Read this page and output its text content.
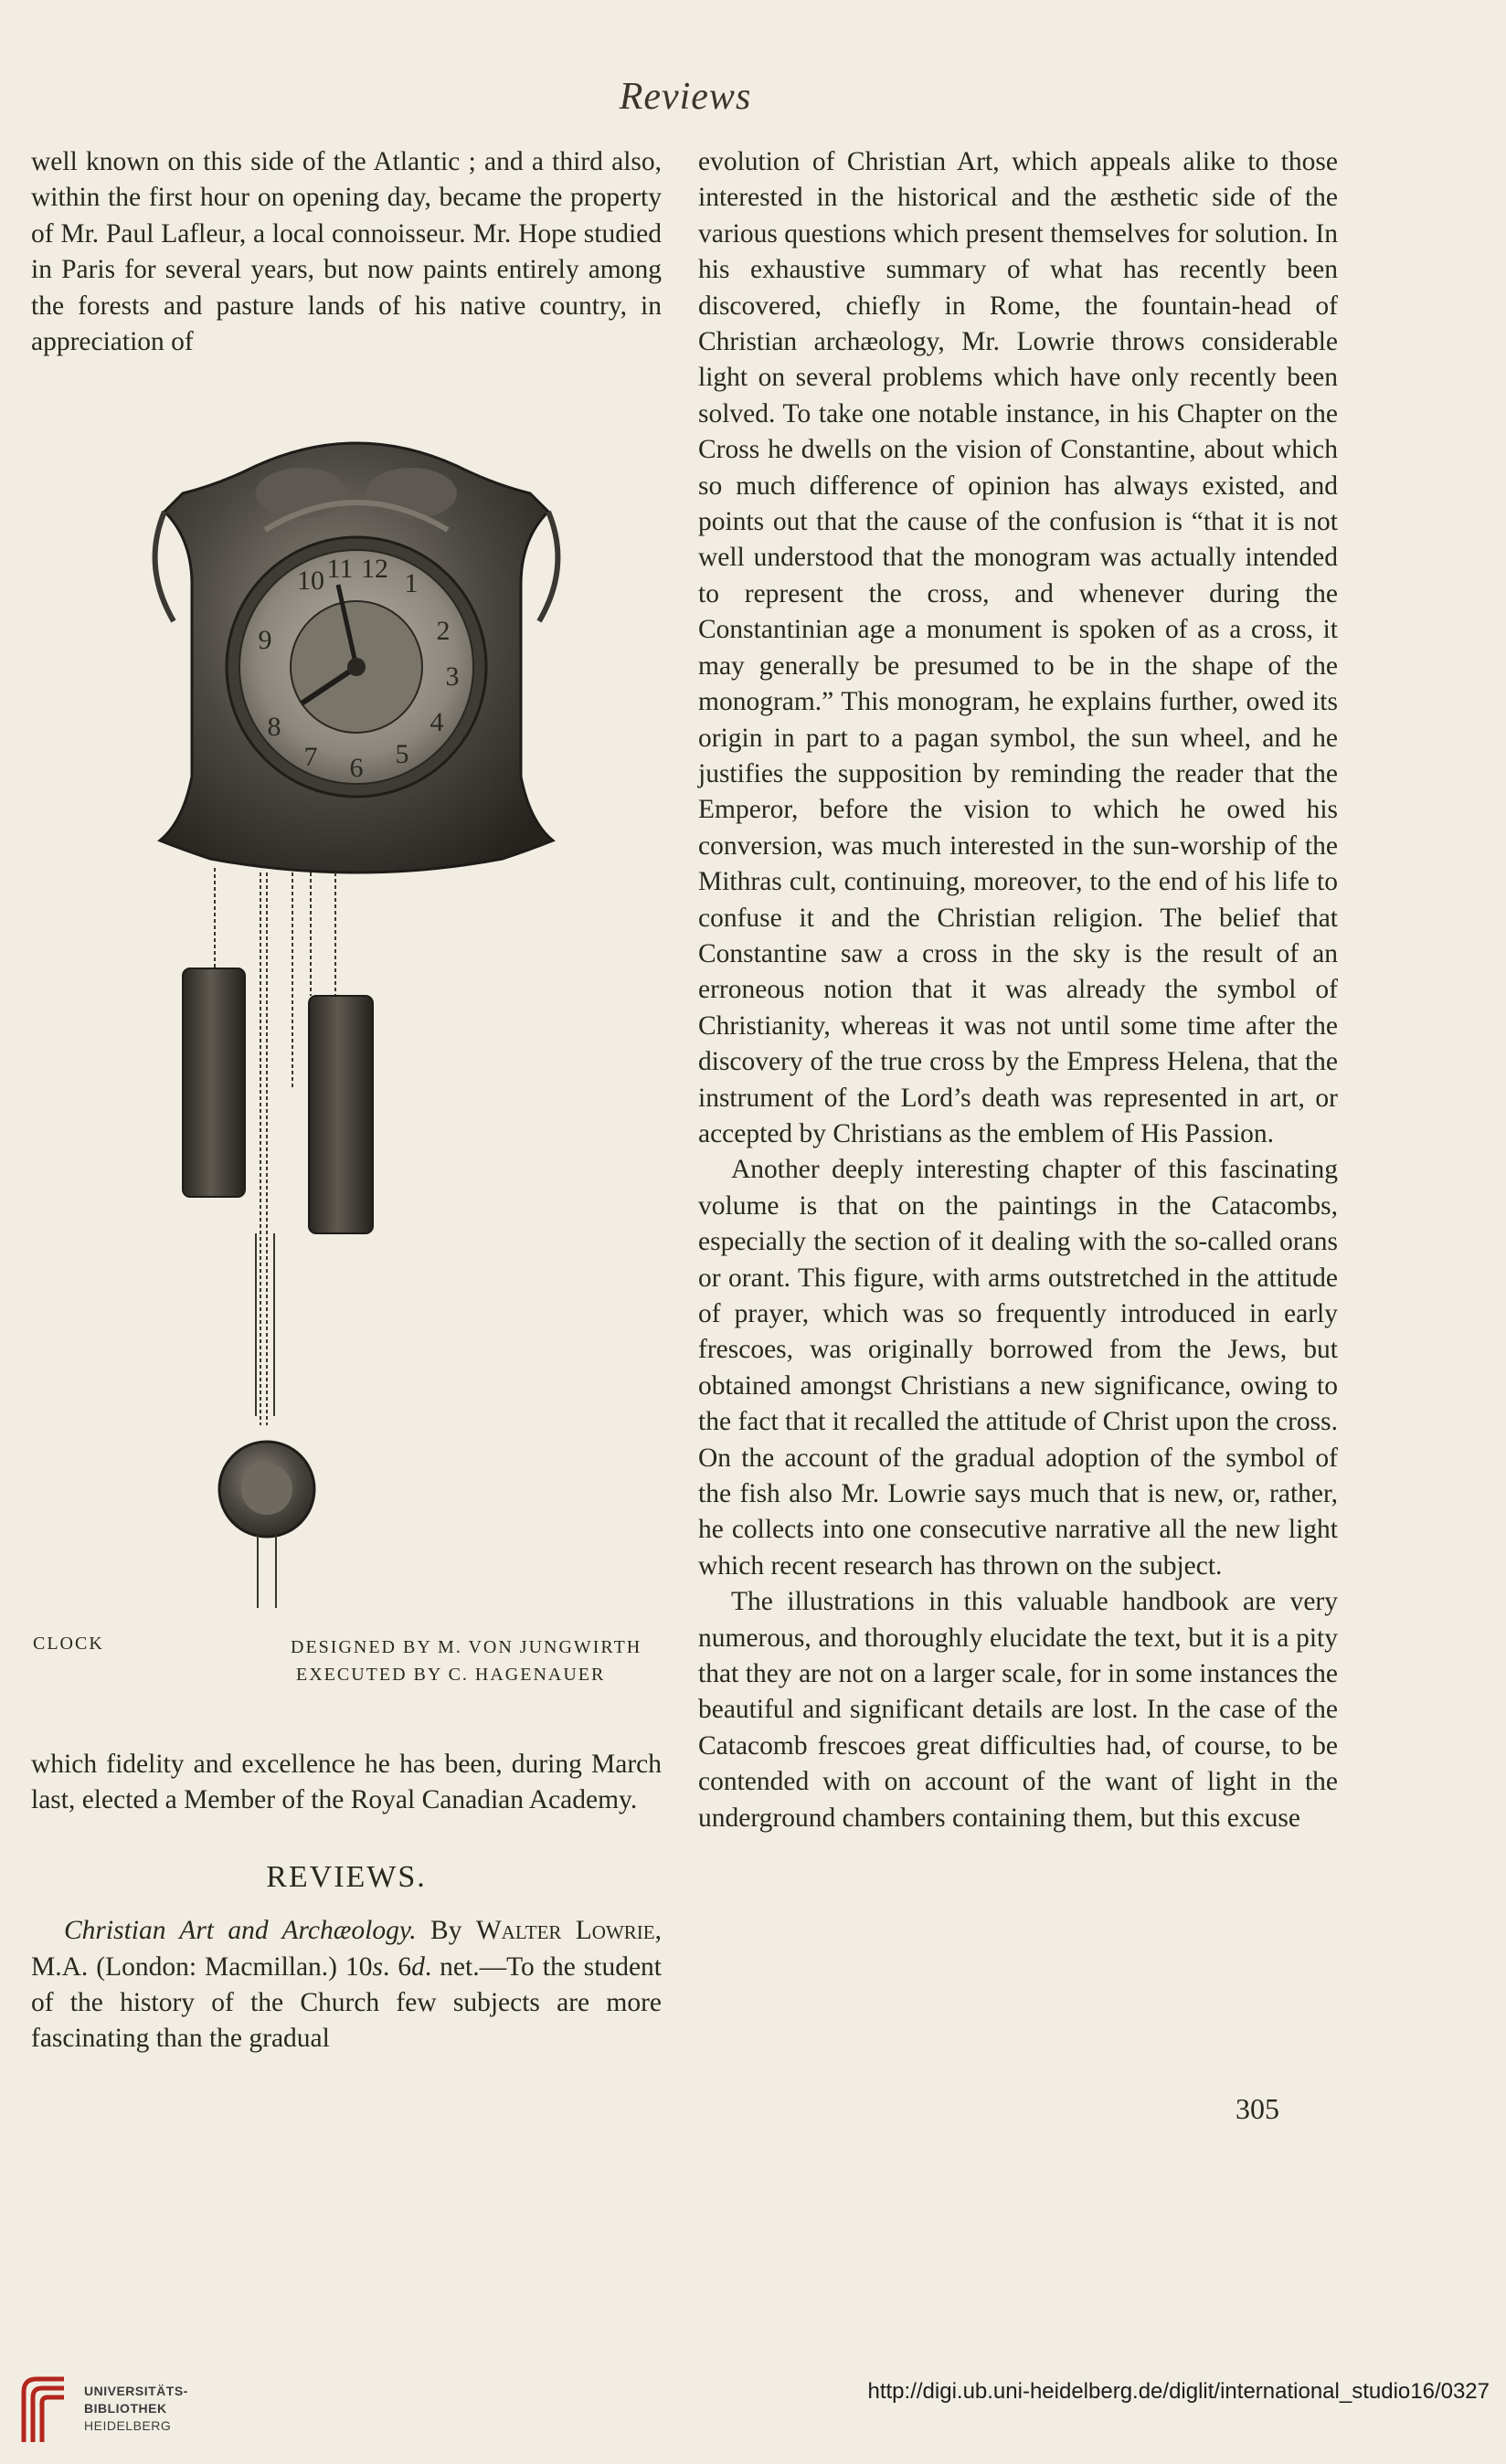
Reviews

well known on this side of the Atlantic ; and a third also, within the first hour on opening day, became the property of Mr. Paul Lafleur, a local connoisseur. Mr. Hope studied in Paris for several years, but now paints entirely among the forests and pasture lands of his native country, in appreciation of

10 11 12 1
2
3
4
5
6
7
8
9
CLOCK	DESIGNED BY M. VON JUNGWIRTH
EXECUTED BY C. HAGENAUER

which fidelity and excellence he has been, during March last, elected a Member of the Royal Canadian Academy.

REVIEWS.

Christian Art and Archæology. By Walter Lowrie, M.A. (London: Macmillan.) 10s. 6d. net.—To the student of the history of the Church few subjects are more fascinating than the gradual

evolution of Christian Art, which appeals alike to those interested in the historical and the æsthetic side of the various questions which present themselves for solution. In his exhaustive summary of what has recently been discovered, chiefly in Rome, the fountain-head of Christian archæology, Mr. Lowrie throws considerable light on several problems which have only recently been solved. To take one notable instance, in his Chapter on the Cross he dwells on the vision of Constantine, about which so much difference of opinion has always existed, and points out that the cause of the confusion is “that it is not well understood that the monogram was actually intended to represent the cross, and whenever during the Constantinian age a monument is spoken of as a cross, it may generally be presumed to be in the shape of the monogram.” This monogram, he explains further, owed its origin in part to a pagan symbol, the sun wheel, and he justifies the supposition by reminding the reader that the Emperor, before the vision to which he owed his conversion, was much interested in the sun-worship of the Mithras cult, continuing, moreover, to the end of his life to confuse it and the Christian religion. The belief that Constantine saw a cross in the sky is the result of an erroneous notion that it was already the symbol of Christianity, whereas it was not until some time after the discovery of the true cross by the Empress Helena, that the instrument of the Lord’s death was represented in art, or accepted by Christians as the emblem of His Passion.

Another deeply interesting chapter of this fascinating volume is that on the paintings in the Catacombs, especially the section of it dealing with the so-called orans or orant. This figure, with arms outstretched in the attitude of prayer, which was so frequently introduced in early frescoes, was originally borrowed from the Jews, but obtained amongst Christians a new significance, owing to the fact that it recalled the attitude of Christ upon the cross. On the account of the gradual adoption of the symbol of the fish also Mr. Lowrie says much that is new, or, rather, he collects into one consecutive narrative all the new light which recent research has thrown on the subject.

The illustrations in this valuable handbook are very numerous, and thoroughly elucidate the text, but it is a pity that they are not on a larger scale, for in some instances the beautiful and significant details are lost. In the case of the Catacomb frescoes great difficulties had, of course, to be contended with on account of the want of light in the underground chambers containing them, but this excuse

305
UNIVERSITÄTS-
BIBLIOTHEK
HEIDELBERG
http://digi.ub.uni-heidelberg.de/diglit/international_studio16/0327
